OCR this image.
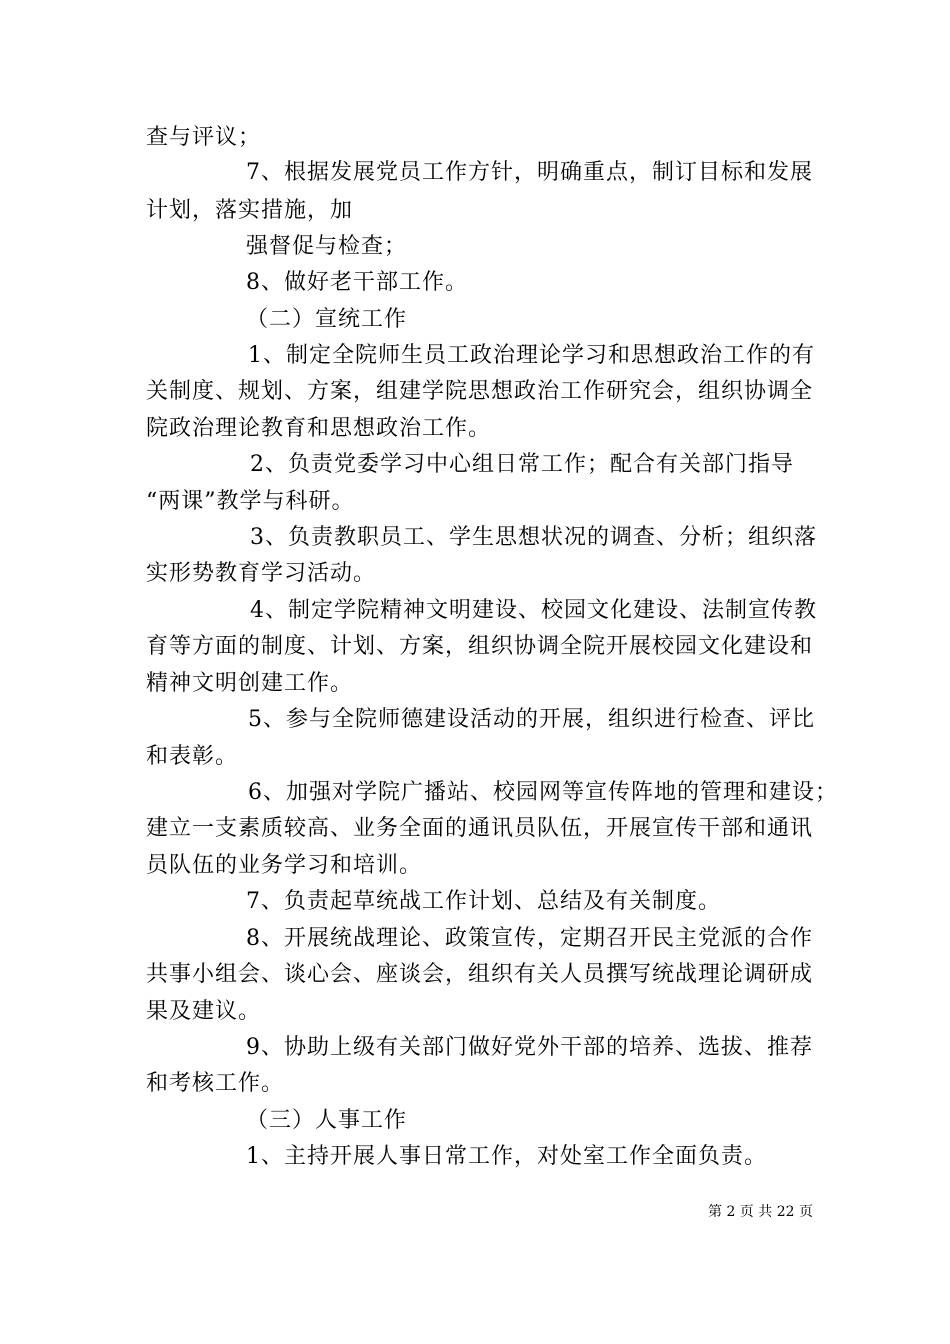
查与评议；
7、根据发展党员工作方针，明确重点，制订目标和发展
计划，落实措施，加
强督促与检查；
8、做好老干部工作。
（二）宣统工作
1、制定全院师生员工政治理论学习和思想政治工作的有
关制度、规划、方案，组建学院思想政治工作研究会，组织协调全
院政治理论教育和思想政治工作。
2、负责党委学习中心组日常工作；配合有关部门指导
“两课”教学与科研。
3、负责教职员工、学生思想状况的调查、分析；组织落
实形势教育学习活动。
4、制定学院精神文明建设、校园文化建设、法制宣传教
育等方面的制度、计划、方案，组织协调全院开展校园文化建设和
精神文明创建工作。
5、参与全院师德建设活动的开展，组织进行检查、评比
和表彰。
6、加强对学院广播站、校园网等宣传阵地的管理和建设；
建立一支素质较高、业务全面的通讯员队伍，开展宣传干部和通讯
员队伍的业务学习和培训。
7、负责起草统战工作计划、总结及有关制度。
8、开展统战理论、政策宣传，定期召开民主党派的合作
共事小组会、谈心会、座谈会，组织有关人员撰写统战理论调研成
果及建议。
9、协助上级有关部门做好党外干部的培养、选拔、推荐
和考核工作。
（三）人事工作
1、主持开展人事日常工作，对处室工作全面负责。
第 2 页 共 22 页
